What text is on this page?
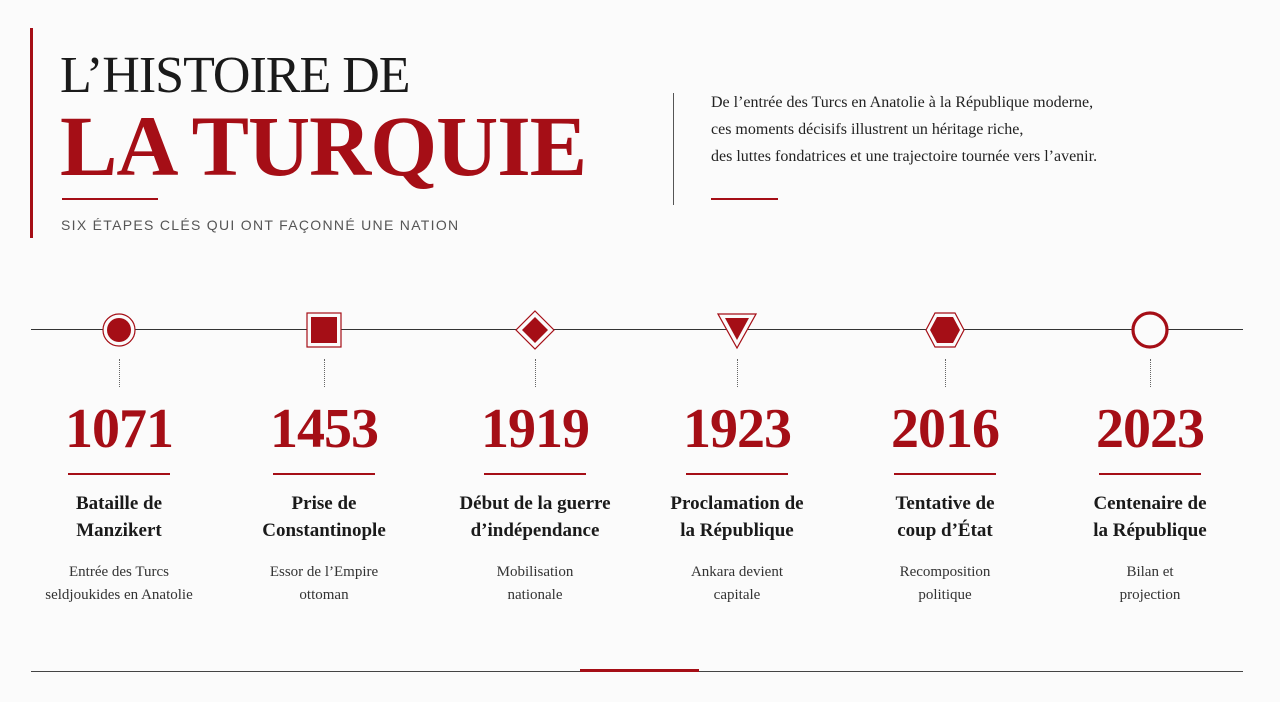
L’HISTOIRE DE
LA TURQUIE
SIX ÉTAPES CLÉS QUI ONT FAÇONNÉ UNE NATION
De l’entrée des Turcs en Anatolie à la République moderne,
ces moments décisifs illustrent un héritage riche,
des luttes fondatrices et une trajectoire tournée vers l’avenir.
1071
Bataille de
Manzikert
Entrée des Turcs
seldjoukides en Anatolie
1453
Prise de
Constantinople
Essor de l’Empire
ottoman
1919
Début de la guerre
d’indépendance
Mobilisation
nationale
1923
Proclamation de
la République
Ankara devient
capitale
2016
Tentative de
coup d’État
Recomposition
politique
2023
Centenaire de
la République
Bilan et
projection
